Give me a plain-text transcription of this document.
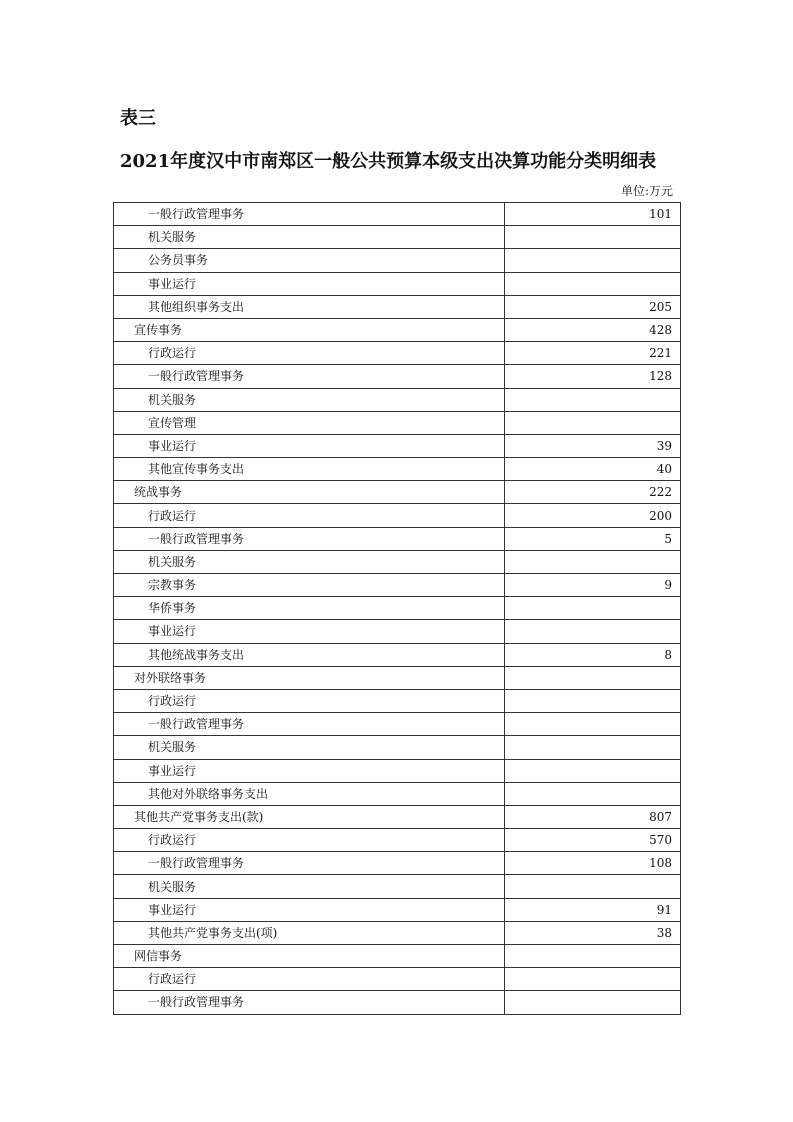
表三
2021年度汉中市南郑区一般公共预算本级支出决算功能分类明细表
单位:万元
一般行政管理事务	101
机关服务	
公务员事务	
事业运行	
其他组织事务支出	205
宣传事务	428
行政运行	221
一般行政管理事务	128
机关服务	
宣传管理	
事业运行	39
其他宣传事务支出	40
统战事务	222
行政运行	200
一般行政管理事务	5
机关服务	
宗教事务	9
华侨事务	
事业运行	
其他统战事务支出	8
对外联络事务	
行政运行	
一般行政管理事务	
机关服务	
事业运行	
其他对外联络事务支出	
其他共产党事务支出(款)	807
行政运行	570
一般行政管理事务	108
机关服务	
事业运行	91
其他共产党事务支出(项)	38
网信事务	
行政运行	
一般行政管理事务	
